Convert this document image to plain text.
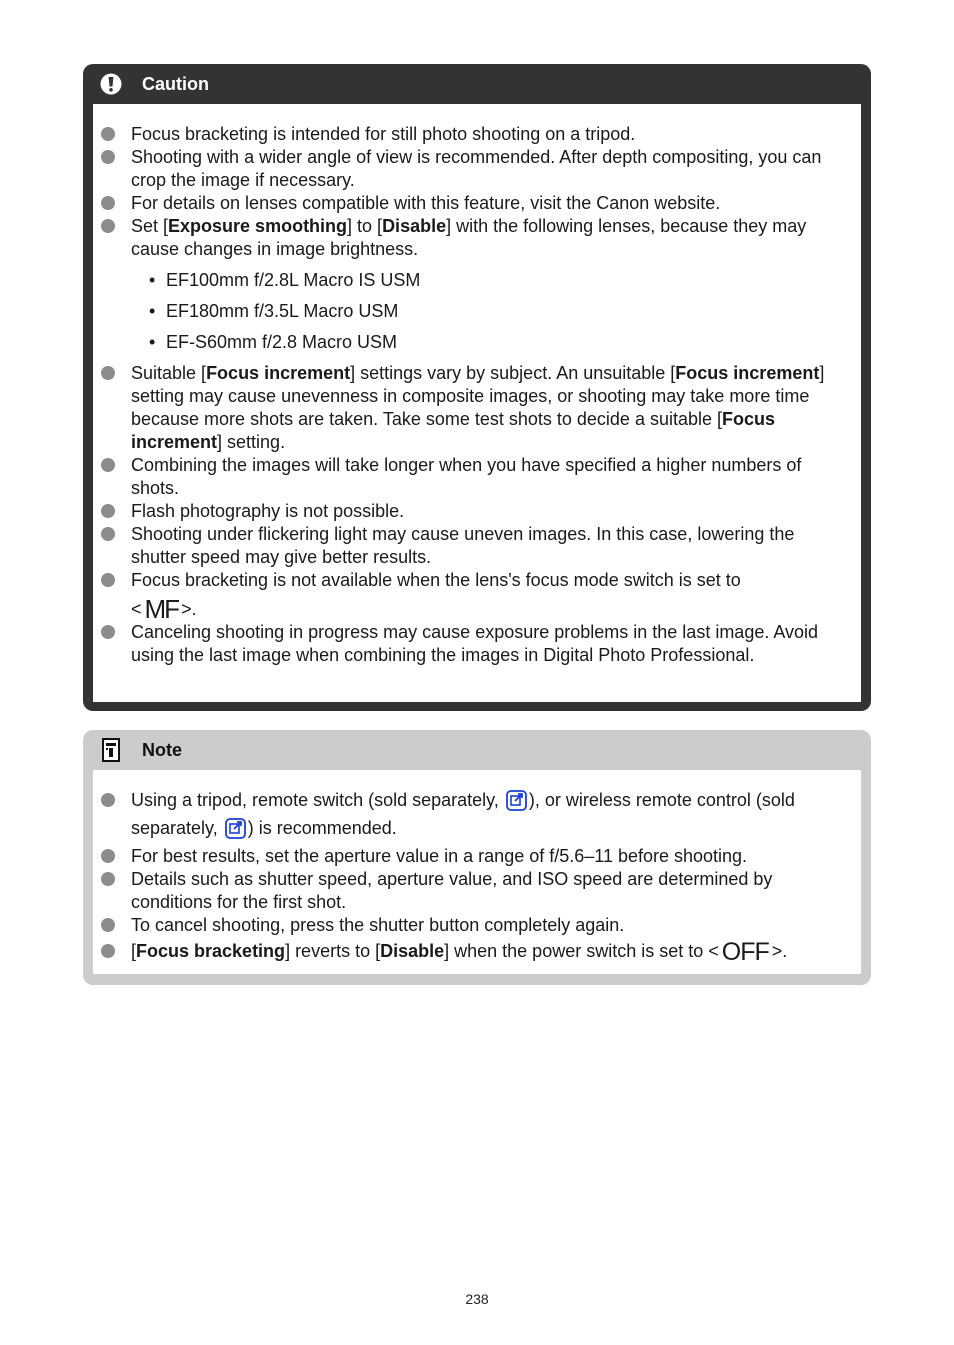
Caution
Focus bracketing is intended for still photo shooting on a tripod.
Shooting with a wider angle of view is recommended. After depth compositing, you can crop the image if necessary.
For details on lenses compatible with this feature, visit the Canon website.
Set [Exposure smoothing] to [Disable] with the following lenses, because they may cause changes in image brightness.
• EF100mm f/2.8L Macro IS USM
• EF180mm f/3.5L Macro USM
• EF-S60mm f/2.8 Macro USM
Suitable [Focus increment] settings vary by subject. An unsuitable [Focus increment] setting may cause unevenness in composite images, or shooting may take more time because more shots are taken. Take some test shots to decide a suitable [Focus increment] setting.
Combining the images will take longer when you have specified a higher numbers of shots.
Flash photography is not possible.
Shooting under flickering light may cause uneven images. In this case, lowering the shutter speed may give better results.
Focus bracketing is not available when the lens's focus mode switch is set to
< MF >.
Canceling shooting in progress may cause exposure problems in the last image. Avoid using the last image when combining the images in Digital Photo Professional.
Note
Using a tripod, remote switch (sold separately, ), or wireless remote control (sold separately, ) is recommended.
For best results, set the aperture value in a range of f/5.6–11 before shooting.
Details such as shutter speed, aperture value, and ISO speed are determined by conditions for the first shot.
To cancel shooting, press the shutter button completely again.
[Focus bracketing] reverts to [Disable] when the power switch is set to < OFF >.
238
